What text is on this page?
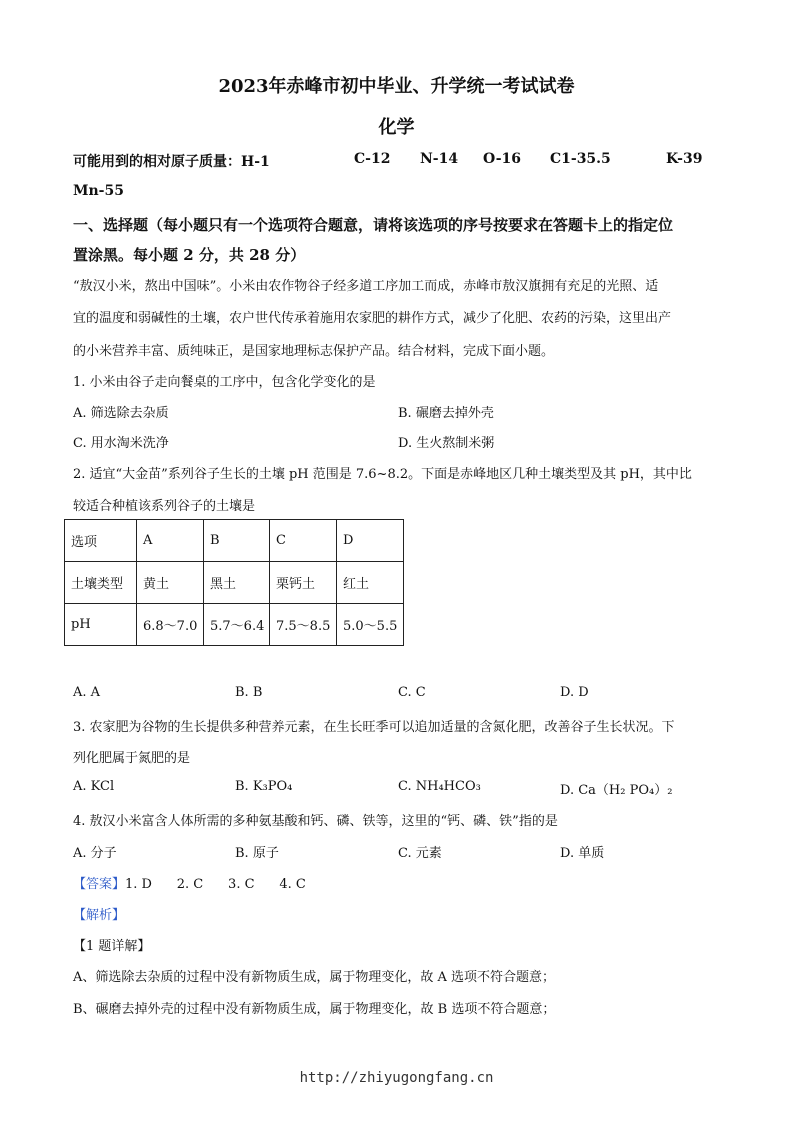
2023年赤峰市初中毕业、升学统一考试试卷
化学
可能用到的相对原子质量：H-1	C-12 N-14 O-16 C1-35.5	K-39
Mn-55
一、选择题（每小题只有一个选项符合题意，请将该选项的序号按要求在答题卡上的指定位
置涂黑。每小题 2 分，共 28 分）
“敖汉小米，熬出中国味”。小米由农作物谷子经多道工序加工而成，赤峰市敖汉旗拥有充足的光照、适
宜的温度和弱碱性的土壤，农户世代传承着施用农家肥的耕作方式，减少了化肥、农药的污染，这里出产
的小米营养丰富、质纯味正，是国家地理标志保护产品。结合材料，完成下面小题。
1. 小米由谷子走向餐桌的工序中，包含化学变化的是
A. 筛选除去杂质	B. 碾磨去掉外壳
C. 用水淘米洗净	D. 生火熬制米粥
2. 适宜“大金苗”系列谷子生长的土壤 pH 范围是 7.6~8.2。下面是赤峰地区几种土壤类型及其 pH，其中比
较适合种植该系列谷子的土壤是
选项	A	B	C	D
土壤类型	黄土	黑土	栗钙土	红土
pH	6.8～7.0	5.7～6.4	7.5～8.5	5.0～5.5
A. A	B. B	C. C	D. D
3. 农家肥为谷物的生长提供多种营养元素，在生长旺季可以追加适量的含氮化肥，改善谷子生长状况。下
列化肥属于氮肥的是
A. KCl	B. K₃PO₄	C. NH₄HCO₃	D. Ca（H₂ PO₄）₂
4. 敖汉小米富含人体所需的多种氨基酸和钙、磷、铁等，这里的“钙、磷、铁”指的是
A. 分子	B. 原子	C. 元素	D. 单质
【答案】1. D      2. C      3. C      4. C
【解析】
【1 题详解】
A、筛选除去杂质的过程中没有新物质生成，属于物理变化，故 A 选项不符合题意；
B、碾磨去掉外壳的过程中没有新物质生成，属于物理变化，故 B 选项不符合题意；
http://zhiyugongfang.cn
